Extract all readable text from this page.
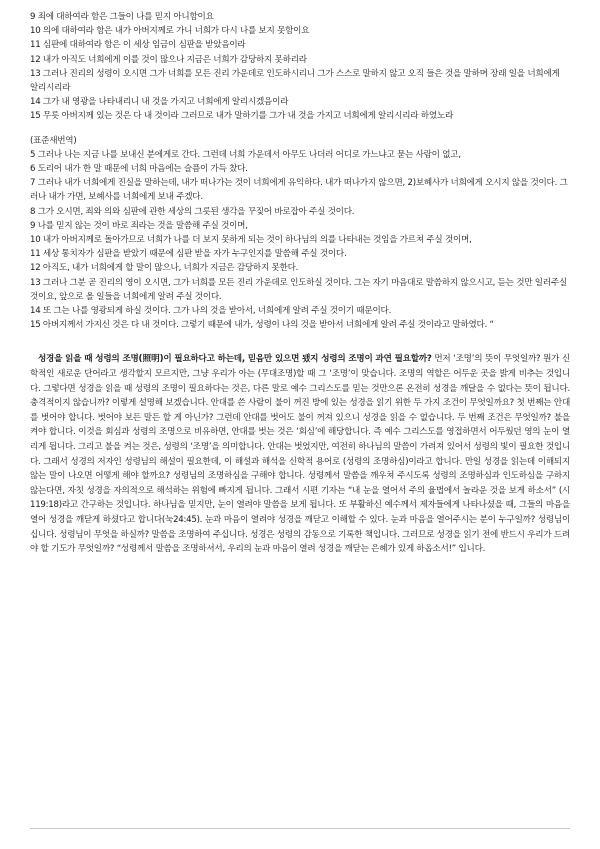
9 죄에 대하여라 함은 그들이 나를 믿지 아니함이요
10 의에 대하여라 함은 내가 아버지께로 가니 너희가 다시 나를 보지 못함이요
11 심판에 대하여라 함은 이 세상 임금이 심판을 받았음이라
12 내가 아직도 너희에게 이를 것이 많으나 지금은 너희가 감당하지 못하리라
13 그러나 진리의 성령이 오시면 그가 너희를 모든 진리 가운데로 인도하시리니 그가 스스로 말하지 않고 오직 들은 것을 말하며 장래 일을 너희에게 알리시리라
14 그가 내 영광을 나타내리니 내 것을 가지고 너희에게 알리시겠음이라
15 무릇 아버지께 있는 것은 다 내 것이라 그러므로 내가 말하기를 그가 내 것을 가지고 너희에게 알리시리라 하였노라
(표준새번역)
5 그러나 나는 지금 나를 보내신 분에게로 간다. 그런데 너희 가운데서 아무도 나더러 어디로 가느냐고 묻는 사람이 없고,
6 도리어 내가 한 말 때문에 너희 마음에는 슬픔이 가득 찼다.
7 그러나 내가 너희에게 진실을 말하는데, 내가 떠나가는 것이 너희에게 유익하다. 내가 떠나가지 않으면, 2)보혜사가 너희에게 오시지 않을 것이다. 그러나 내가 가면, 보혜사를 너희에게 보내 주겠다.
8 그가 오시면, 죄와 의와 심판에 관한 세상의 그릇된 생각을 꾸짖어 바로잡아 주실 것이다.
9 나를 믿지 않는 것이 바로 죄라는 것을 말씀해 주실 것이며,
10 내가 아버지께로 돌아가므로 너희가 나를 더 보지 못하게 되는 것이 하나님의 의를 나타내는 것임을 가르쳐 주실 것이며,
11 세상 통치자가 심판을 받았기 때문에 심판 받을 자가 누구인지를 말씀해 주실 것이다.
12 아직도, 내가 너희에게 할 말이 많으나, 너희가 지금은 감당하지 못한다.
13 그러나 그분 곧 진리의 영이 오시면, 그가 너희를 모든 진리 가운데로 인도하실 것이다. 그는 자기 마음대로 말씀하지 않으시고, 듣는 것만 일러주실 것이요, 앞으로 올 일들을 너희에게 알려 주실 것이다.
14 또 그는 나를 영광되게 하실 것이다. 그가 나의 것을 받아서, 너희에게 알려 주실 것이기 때문이다.
15 아버지께서 가지신 것은 다 내 것이다. 그렇기 때문에 내가, 성령이 나의 것을 받아서 너희에게 알려 주실 것이라고 말하였다. “
성경을 읽을 때 성령의 조명(照明)이 필요하다고 하는데, 믿음만 있으면 됐지 성령의 조명이 과연 필요할까? 먼저 ‘조명’의 뜻이 무엇일까? 뭔가 신학적인 새로운 단어라고 생각할지 모르지만, 그냥 우리가 아는 (무대조명)할 때 그 ‘조명’이 맞습니다. 조명의 역할은 어두운 곳을 밝게 비추는 것입니다. 그렇다면 성경을 읽을 때 성령의 조명이 필요하다는 것은, 다른 말로 예수 그리스도를 믿는 것만으론 온전히 성경을 깨달을 수 없다는 뜻이 됩니다. 충격적이지 않습니까? 이렇게 설명해 보겠습니다. 안대를 쓴 사람이 불이 꺼진 방에 있는 성경을 읽기 위한 두 가지 조건이 무엇일까요? 첫 번째는 안대를 벗어야 합니다. 벗어야 보든 말든 할 게 아닌가? 그런데 안대를 벗어도 불이 꺼져 있으니 성경을 읽을 수 없습니다. 두 번째 조건은 무엇일까? 불을 켜야 합니다. 이것을 회심과 성령의 조명으로 비유하면, 안대를 벗는 것은 ‘회심’에 해당합니다. 즉 예수 그리스도를 영접하면서 어두웠던 영의 눈이 열리게 됩니다. 그리고 불을 켜는 것은, 성령의 ‘조명’을 의미합니다. 안대는 벗었지만, 여전히 하나님의 말씀이 가려져 있어서 성령의 빛이 필요한 것입니다. 그래서 성경의 저자인 성령님의 해설이 필요한데, 이 해설과 해석을 신학적 용어로 (성령의 조명하심)이라고 합니다. 만일 성경을 읽는데 이해되지 않는 말이 나오면 어떻게 해야 할까요? 성령님의 조명하심을 구해야 합니다. 성령께서 말씀을 깨우쳐 주시도록 성령의 조명하심과 인도하심을 구하지 않는다면, 자칫 성경을 자의적으로 해석하는 위험에 빠지게 됩니다. 그래서 시편 기자는 “내 눈을 열어서 주의 율법에서 놀라운 것을 보게 하소서” (시119:18)라고 간구하는 것입니다. 하나님을 믿지만, 눈이 열려야 말씀을 보게 됩니다. 또 부활하신 예수께서 제자들에게 나타나셨을 때, 그들의 마음을 열어 성경을 깨닫게 하셨다고 합니다(눅24:45). 눈과 마음이 열려야 성경을 깨닫고 이해할 수 있다. 눈과 마음을 열어주시는 분이 누구일까? 성령님이십니다. 성령님이 무엇을 하실까? 말씀을 조명하여 주십니다. 성경은 성령의 감동으로 기록한 책입니다. 그러므로 성경을 읽기 전에 반드시 우리가 드려야 할 기도가 무엇일까? “성령께서 말씀을 조명하셔서, 우리의 눈과 마음이 열려 성경을 깨닫는 은혜가 있게 하옵소서!” 입니다.
